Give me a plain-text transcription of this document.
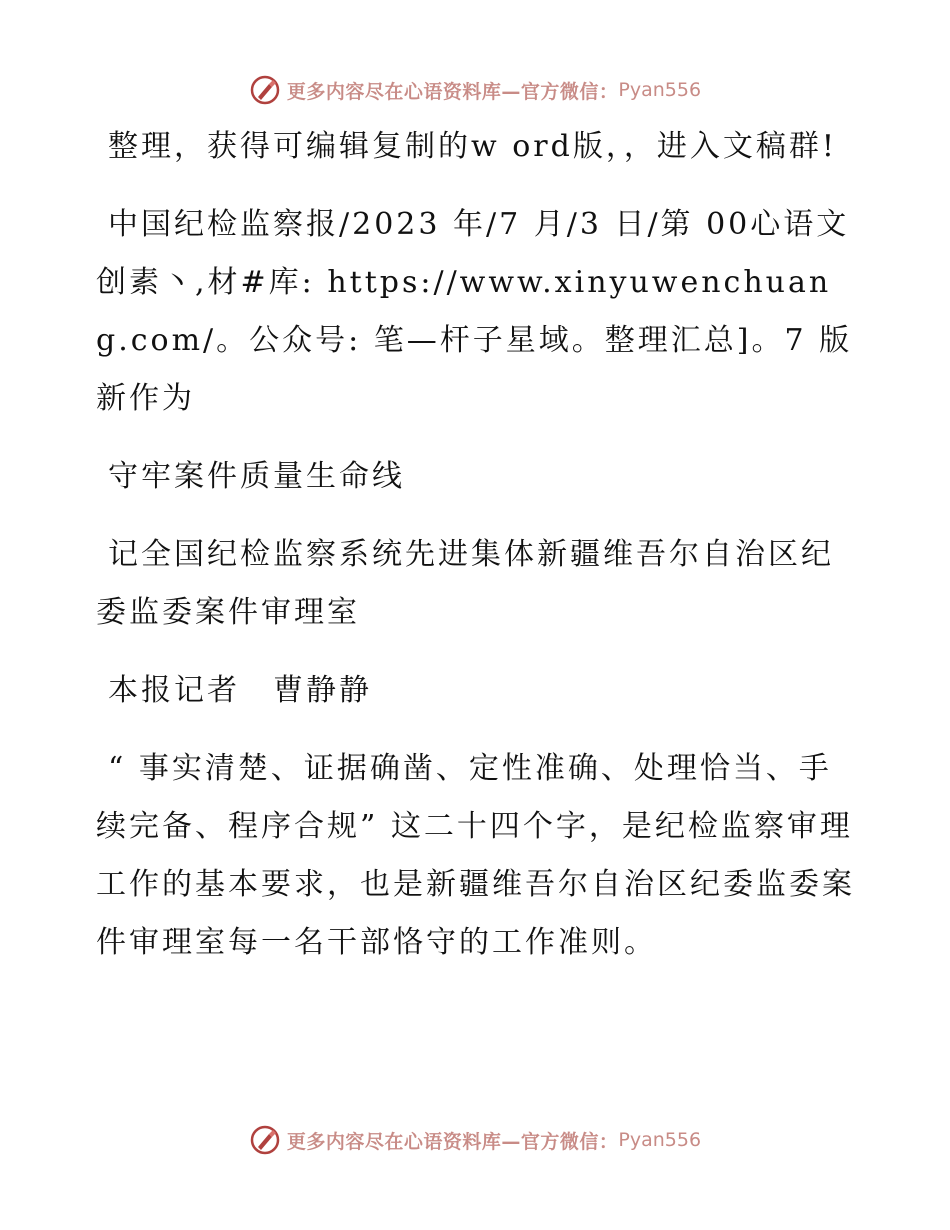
更多内容尽在心语资料库—官方微信： Pyan556

整理，获得可编辑复制的w ord版，，进入文稿群!

中国纪检监察报/2023 年/7 月/3 日/第 00心语文创素丶,材#库: https://www.xinyuwenchuang.com/。公众号: 笔—杆子星域。整理汇总]。7 版新作为

守牢案件质量生命线

记全国纪检监察系统先进集体新疆维吾尔自治区纪委监委案件审理室

本报记者　曹静静

“ 事实清楚、证据确凿、定性准确、处理恰当、手续完备、程序合规” 这二十四个字，是纪检监察审理工作的基本要求，也是新疆维吾尔自治区纪委监委案件审理室每一名干部恪守的工作准则。

更多内容尽在心语资料库—官方微信： Pyan556
